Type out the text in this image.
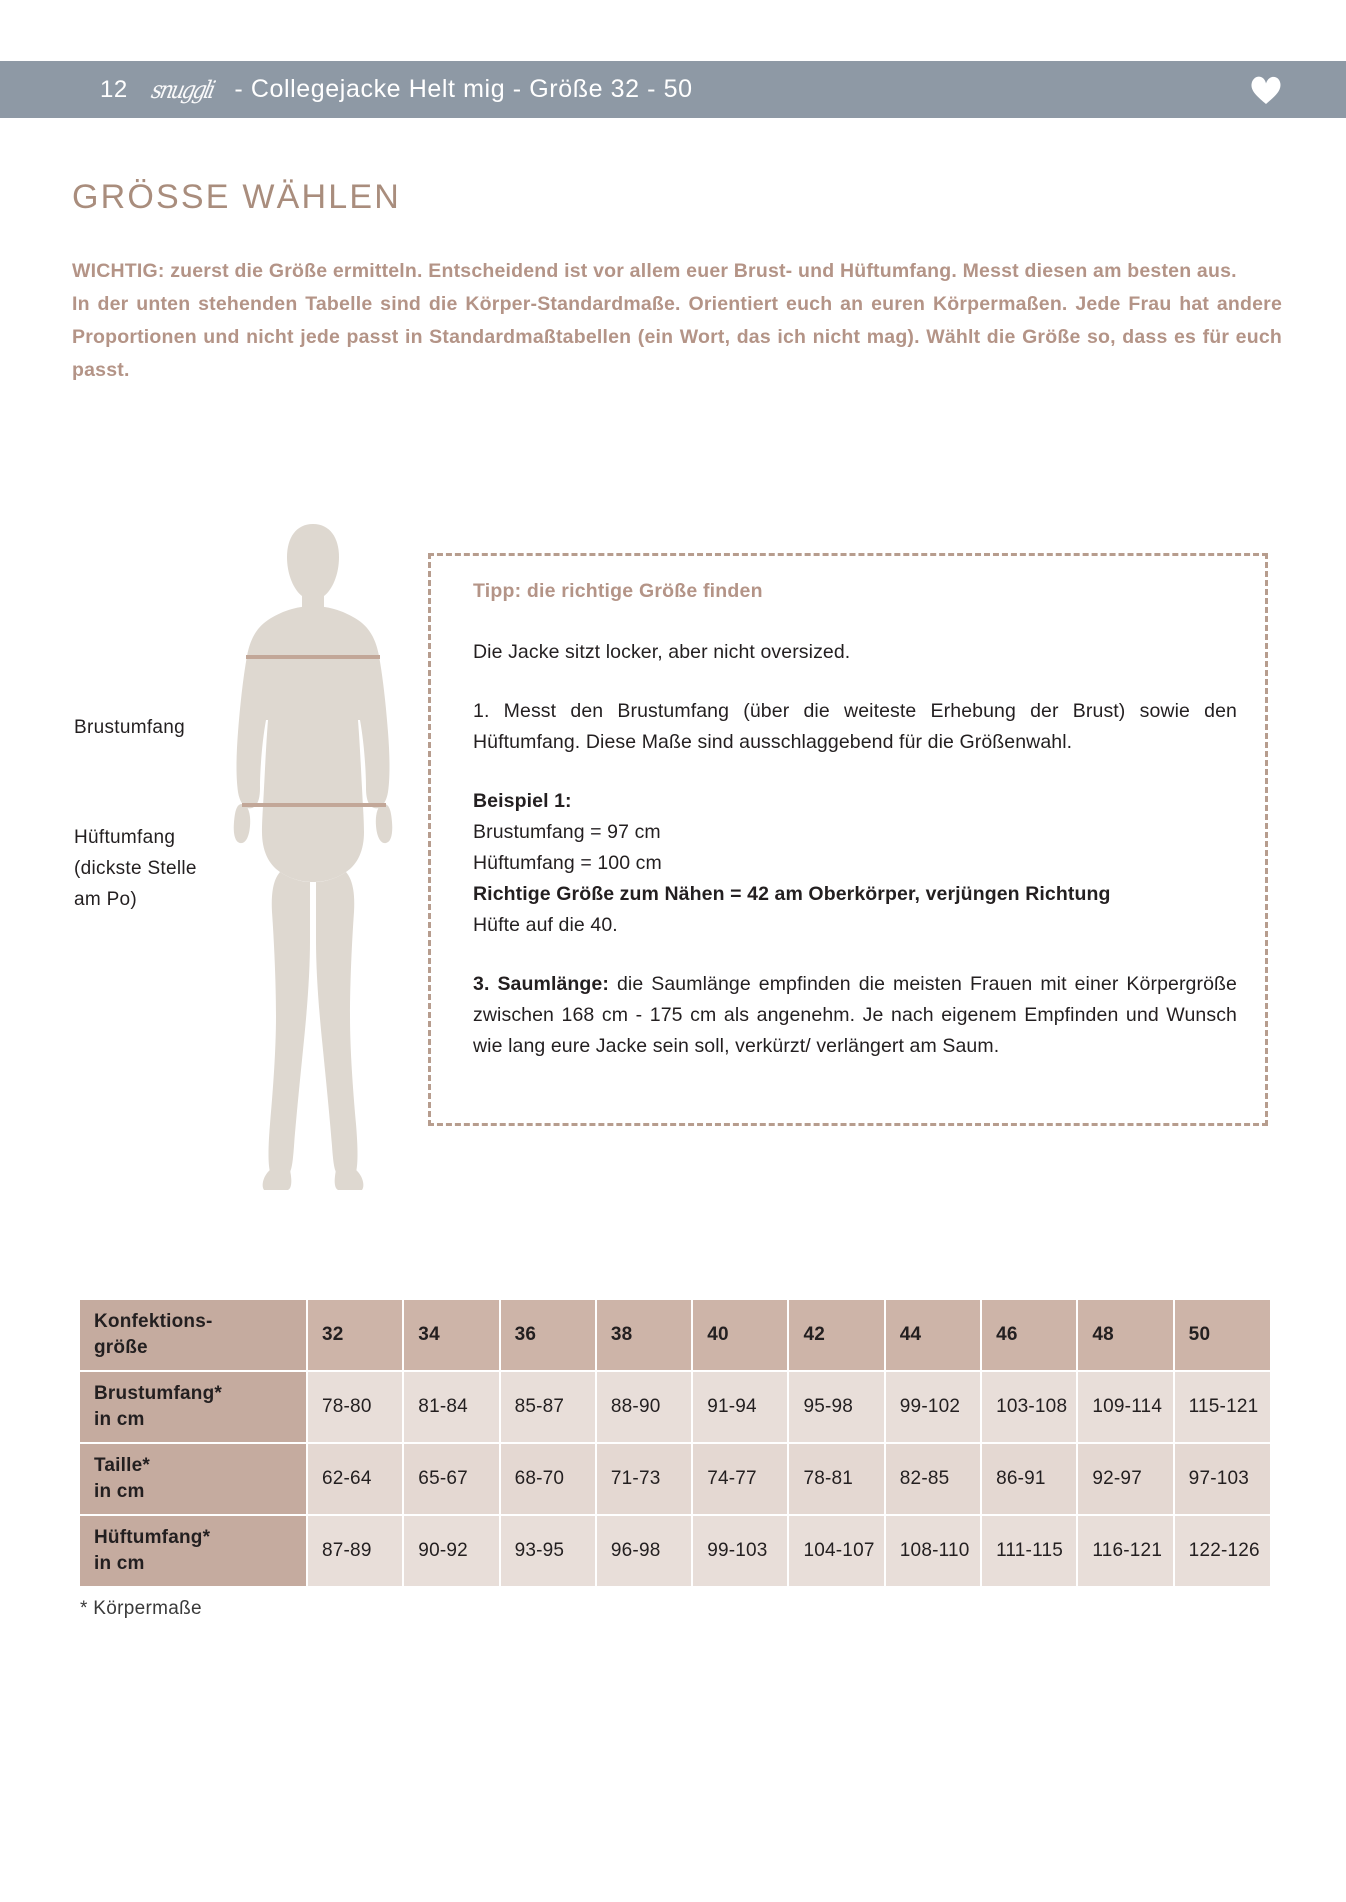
12 snuggli - Collegejacke Helt mig - Größe 32 - 50
GRÖSSE WÄHLEN

WICHTIG: zuerst die Größe ermitteln. Entscheidend ist vor allem euer Brust- und Hüftumfang. Messt diesen am besten aus.

In der unten stehenden Tabelle sind die Körper-Standardmaße. Orientiert euch an euren Körpermaßen. Jede Frau hat andere Proportionen und nicht jede passt in Standardmaßtabellen (ein Wort, das ich nicht mag). Wählt die Größe so, dass es für euch passt.

Brustumfang
Hüftumfang
(dickste Stelle
am Po)
Tipp: die richtige Größe finden

Die Jacke sitzt locker, aber nicht oversized.

1. Messt den Brustumfang (über die weiteste Erhebung der Brust) sowie den Hüftumfang. Diese Maße sind ausschlaggebend für die Größenwahl.

Beispiel 1:
Brustumfang = 97 cm
Hüftumfang = 100 cm
Richtige Größe zum Nähen = 42 am Oberkörper, verjüngen Richtung
Hüfte auf die 40.

3. Saumlänge: die Saumlänge empfinden die meisten Frauen mit einer Körpergröße zwischen 168 cm - 175 cm als angenehm. Je nach eigenem Empfinden und Wunsch wie lang eure Jacke sein soll, verkürzt/ verlängert am Saum.

Konfektions-
größe	32	34	36	38	40	42	44	46	48	50

Brustumfang*
in cm	78-80	81-84	85-87	88-90	91-94	95-98	99-102	103-108	109-114	115-121

Taille*
in cm	62-64	65-67	68-70	71-73	74-77	78-81	82-85	86-91	92-97	97-103

Hüftumfang*
in cm	87-89	90-92	93-95	96-98	99-103	104-107	108-110	111-115	116-121	122-126
* Körpermaße
